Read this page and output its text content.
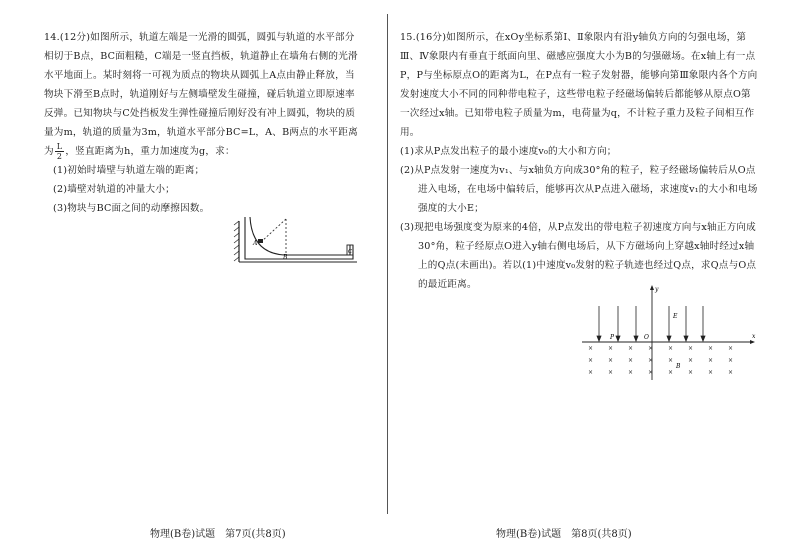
14.(12分)如图所示，轨道左端是一光滑的圆弧，圆弧与轨道的水平部分相切于B点，BC面粗糙，C端是一竖直挡板，轨道静止在墙角右侧的光滑水平地面上。某时刻将一可视为质点的物块从圆弧上A点由静止释放，当物块下滑至B点时，轨道刚好与左侧墙壁发生碰撞，碰后轨道立即原速率反弹。已知物块与C处挡板发生弹性碰撞后刚好没有冲上圆弧，物块的质量为m，轨道的质量为3m，轨道水平部分BC=L，A、B两点的水平距离为 $\frac{L}{2}$ ，竖直距离为h，重力加速度为g，求：

(1)初始时墙壁与轨道左端的距离；

(2)墙壁对轨道的冲量大小；

(3)物块与BC面之间的动摩擦因数。

A
B
C
物理(B卷)试题　第7页(共8页)

15.(16分)如图所示，在xOy坐标系第Ⅰ、Ⅱ象限内有沿y轴负方向的匀强电场，第Ⅲ、Ⅳ象限内有垂直于纸面向里、磁感应强度大小为B的匀强磁场。在x轴上有一点P，P与坐标原点O的距离为L，在P点有一粒子发射器，能够向第Ⅲ象限内各个方向发射速度大小不同的同种带电粒子，这些带电粒子经磁场偏转后都能够从原点O第一次经过x轴。已知带电粒子质量为m，电荷量为q，不计粒子重力及粒子间相互作用。

(1)求从P点发出粒子的最小速度v₀的大小和方向；

(2)从P点发射一速度为v₁、与x轴负方向成30°角的粒子，粒子经磁场偏转后从O点进入电场，在电场中偏转后，能够再次从P点进入磁场，求速度v₁的大小和电场强度的大小E；

(3)现把电场强度变为原来的4倍，从P点发出的带电粒子初速度方向与x轴正方向成30°角，粒子经原点O进入y轴右侧电场后，从下方磁场向上穿越x轴时经过x轴上的Q点(未画出)。若以(1)中速度v₀发射的粒子轨迹也经过Q点，求Q点与O点的最近距离。	y
x
E
P	O
× × × × × × × ×
× × × × × × × ×
× × × × × × × ×
B
物理(B卷)试题　第8页(共8页)
